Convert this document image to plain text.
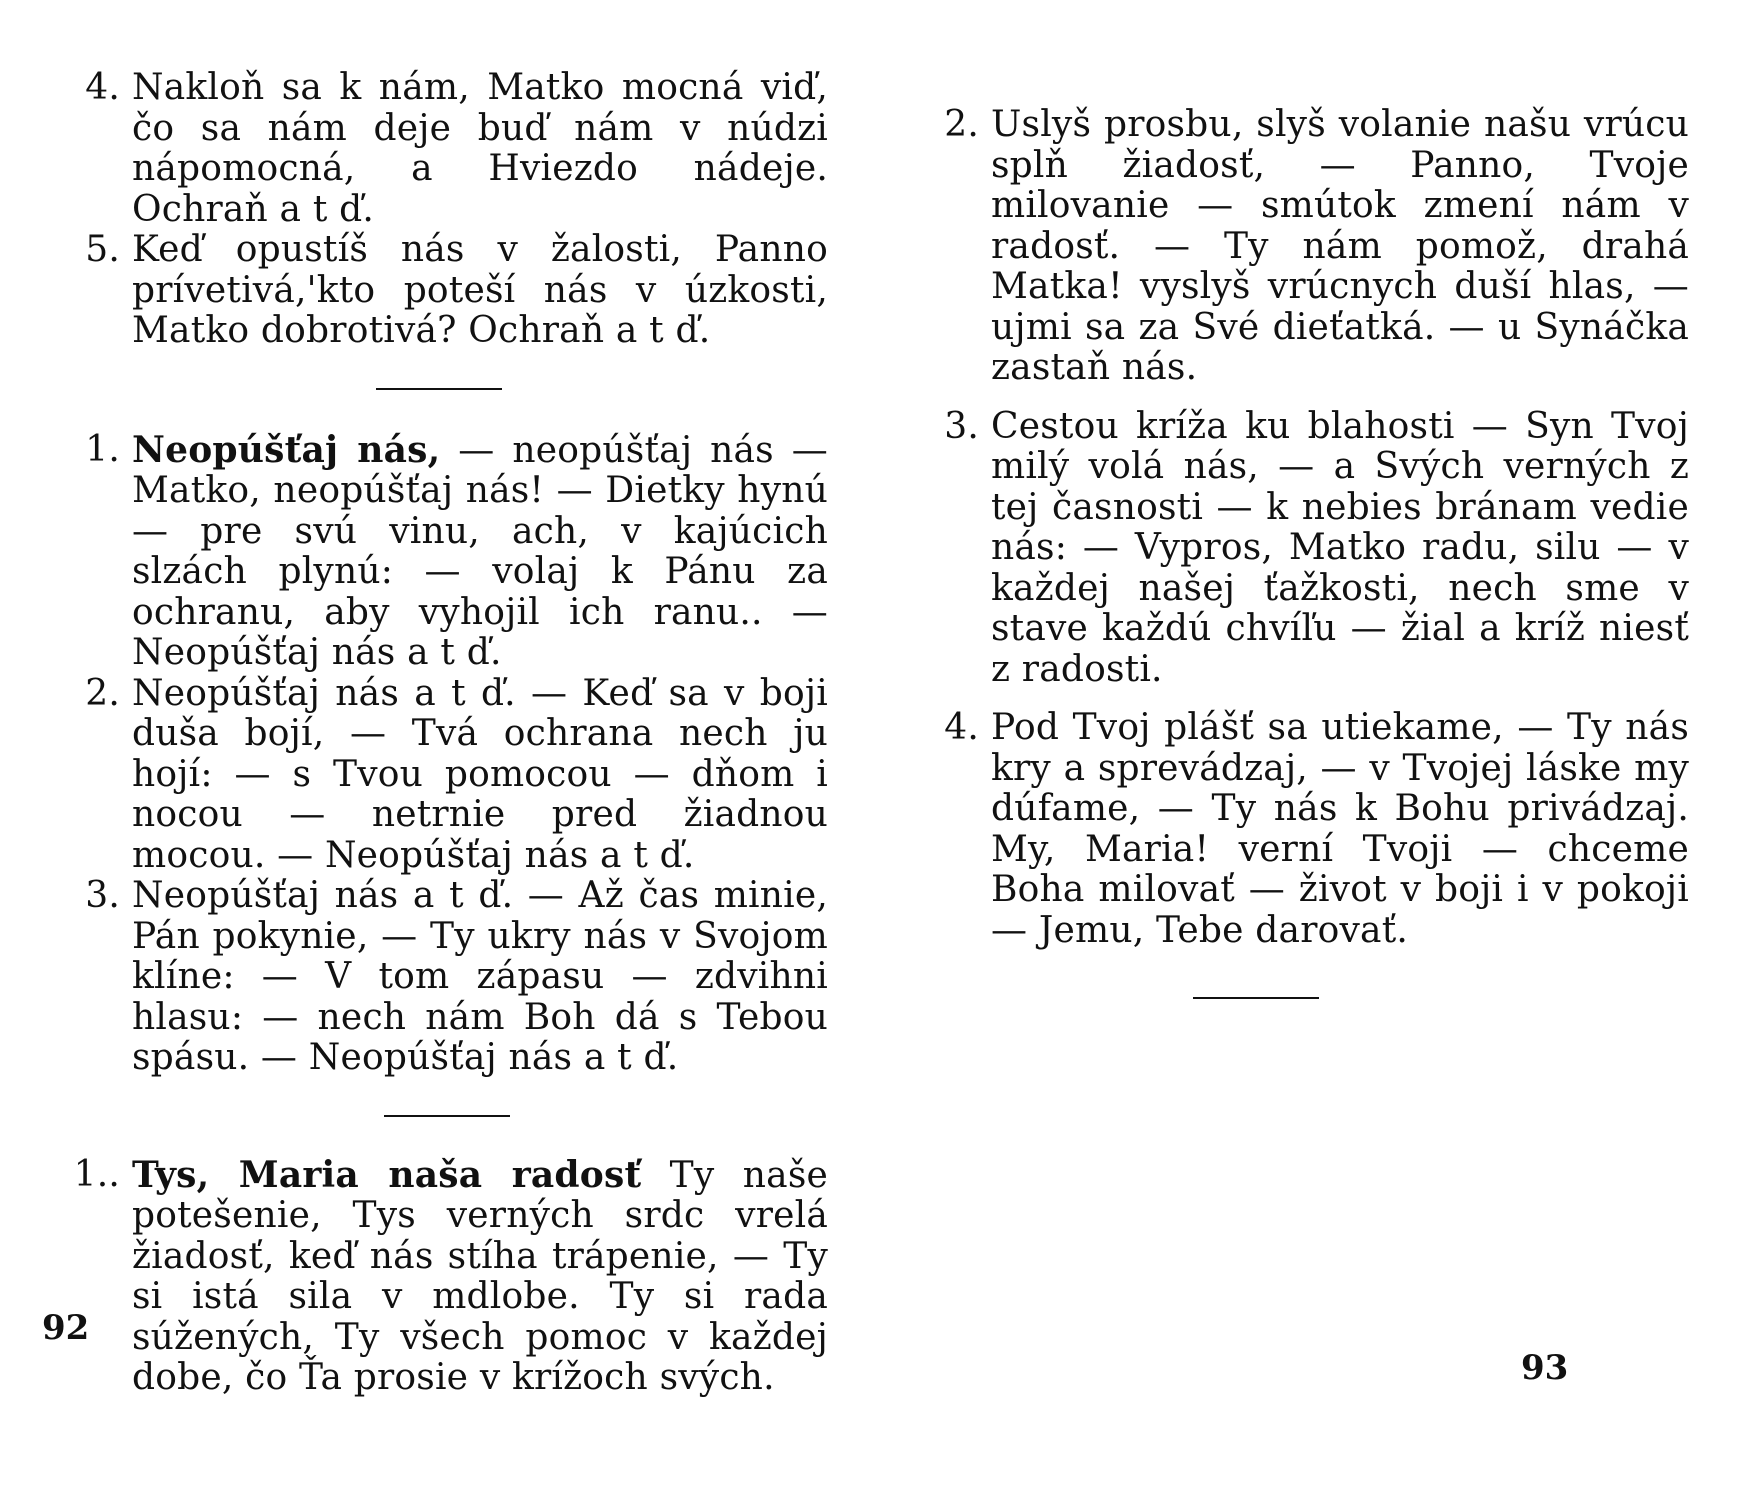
4. Nakloň sa k nám, Matko mocná viď, čo sa nám deje buď nám v núdzi nápomocná, a Hviezdo nádeje. Ochraň a t ď.
5. Keď opustíš nás v žalosti, Panno prívetivá,'kto poteší nás v úzkosti, Matko dobrotivá? Ochraň a t ď.
1. Neopúšťaj nás, — neopúšťaj nás — Matko, neopúšťaj nás! — Dietky hynú — pre svú vinu, ach, v kajúcich slzách plynú: — volaj k Pánu za ochranu, aby vyhojil ich ranu.. — Neopúšťaj nás a t ď.
2. Neopúšťaj nás a t ď. — Keď sa v boji duša bojí, — Tvá ochrana nech ju hojí: — s Tvou pomocou — dňom i nocou — netrnie pred žiadnou mocou. — Neopúšťaj nás a t ď.
3. Neopúšťaj nás a t ď. — Až čas minie, Pán pokynie, — Ty ukry nás v Svojom klíne: — V tom zápasu — zdvihni hlasu: — nech nám Boh dá s Tebou spásu. — Neopúšťaj nás a t ď.
1.. Tys, Maria naša radosť Ty naše potešenie, Tys verných srdc vrelá žiadosť, keď nás stíha trápenie, — Ty si istá sila v mdlobe. Ty si rada súžených, Ty všech pomoc v každej dobe, čo Ťa prosie v krížoch svých.
92
2. Uslyš prosbu, slyš volanie našu vrúcu splň žiadosť, — Panno, Tvoje milovanie — smútok zmení nám v radosť. — Ty nám pomož, drahá Matka! vyslyš vrúcnych duší hlas, — ujmi sa za Své dieťatká. — u Synáčka zastaň nás.
3. Cestou kríža ku blahosti — Syn Tvoj milý volá nás, — a Svých verných z tej časnosti — k nebies bránam vedie nás: — Vypros, Matko radu, silu — v každej našej ťažkosti, nech sme v stave každú chvíľu — žial a kríž niesť z radosti.
4. Pod Tvoj plášť sa utiekame, — Ty nás kry a sprevádzaj, — v Tvojej láske my dúfame, — Ty nás k Bohu privádzaj. My, Maria! verní Tvoji — chceme Boha milovať — život v boji i v pokoji — Jemu, Tebe darovať.
93
